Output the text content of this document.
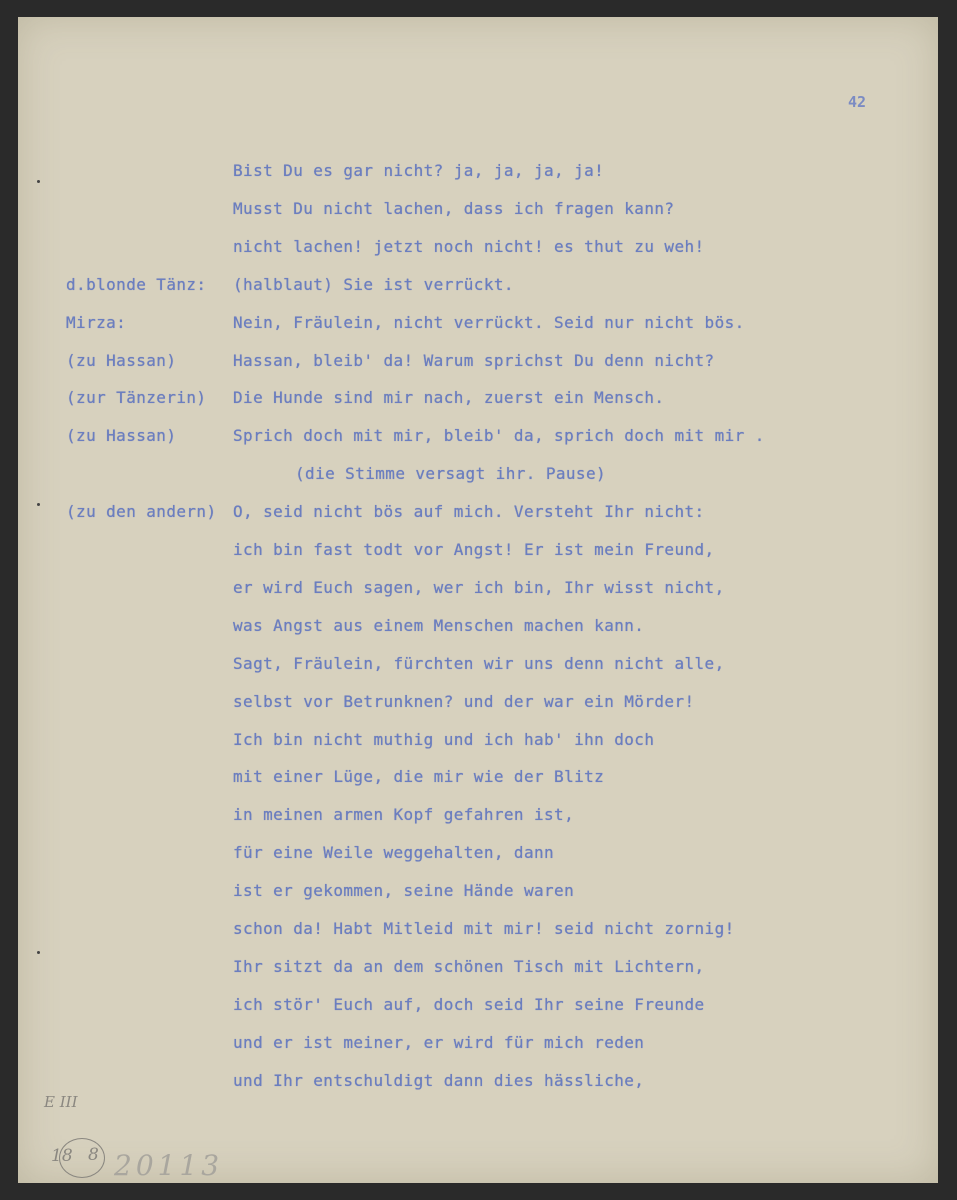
42
Bist Du es gar nicht? ja, ja, ja, ja!
Musst Du nicht lachen, dass ich fragen kann?
nicht lachen! jetzt noch nicht! es thut zu weh!
d.blonde Tänz: (halblaut) Sie ist verrückt.
Mirza:	Nein, Fräulein, nicht verrückt. Seid nur nicht bös.
(zu Hassan)	Hassan, bleib' da! Warum sprichst Du denn nicht?
(zur Tänzerin) Die Hunde sind mir nach, zuerst ein Mensch.
(zu Hassan)	Sprich doch mit mir, bleib' da, sprich doch mit mir .
(die Stimme versagt ihr. Pause)
(zu den andern) O, seid nicht bös auf mich. Versteht Ihr nicht:
ich bin fast todt vor Angst! Er ist mein Freund,
er wird Euch sagen, wer ich bin, Ihr wisst nicht,
was Angst aus einem Menschen machen kann.
Sagt, Fräulein, fürchten wir uns denn nicht alle,
selbst vor Betrunknen? und der war ein Mörder!
Ich bin nicht muthig und ich hab' ihn doch
mit einer Lüge, die mir wie der Blitz
in meinen armen Kopf gefahren ist,
für eine Weile weggehalten, dann
ist er gekommen, seine Hände waren
schon da! Habt Mitleid mit mir! seid nicht zornig!
Ihr sitzt da an dem schönen Tisch mit Lichtern,
ich stör' Euch auf, doch seid Ihr seine Freunde
und er ist meiner, er wird für mich reden
und Ihr entschuldigt dann dies hässliche,
E III
18 8 20113
